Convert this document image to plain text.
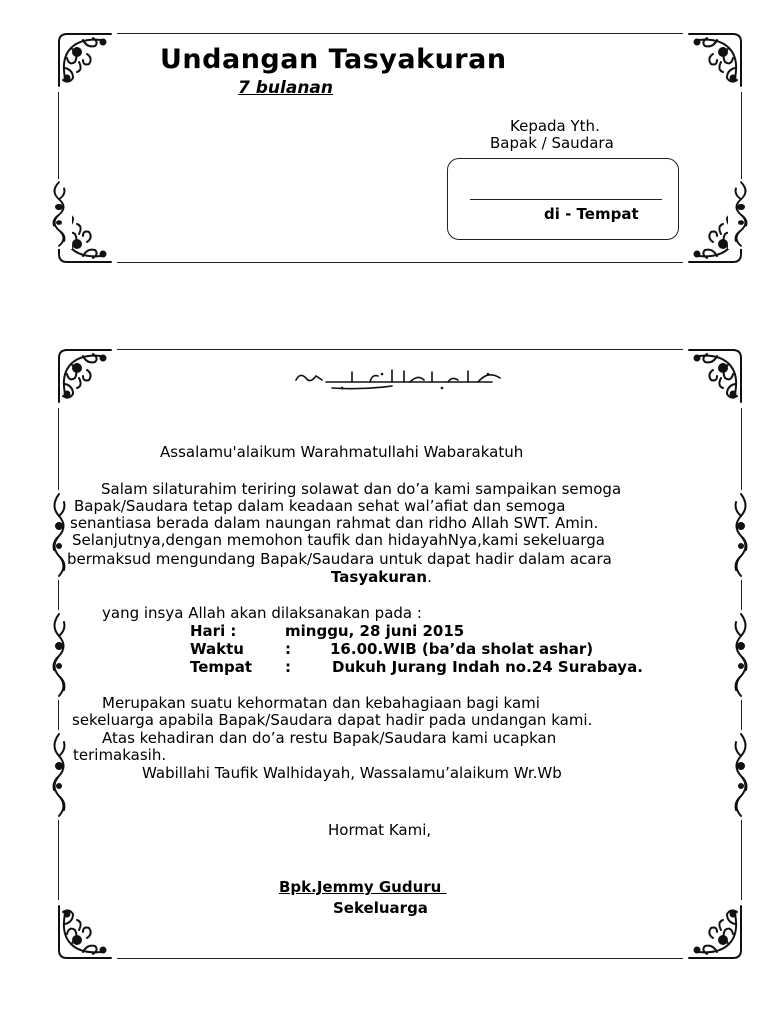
Undangan Tasyakuran
7 bulanan
Kepada Yth.
Bapak / Saudara
di - Tempat
Assalamu'alaikum Warahmatullahi Wabarakatuh
Salam silaturahim teriring solawat dan do’a kami sampaikan semoga
Bapak/Saudara tetap dalam keadaan sehat wal’afiat dan semoga
senantiasa berada dalam naungan rahmat dan ridho Allah SWT. Amin.
Selanjutnya,dengan memohon taufik dan hidayahNya,kami sekeluarga
bermaksud mengundang Bapak/Saudara untuk dapat hadir dalam acara
Tasyakuran.
yang insya Allah akan dilaksanakan pada :
Hari :	minggu, 28 juni 2015
Waktu	:	16.00.WIB (ba’da sholat ashar)
Tempat :	Dukuh Jurang Indah no.24 Surabaya.
Merupakan suatu kehormatan dan kebahagiaan bagi kami
sekeluarga apabila Bapak/Saudara dapat hadir pada undangan kami.
Atas kehadiran dan do’a restu Bapak/Saudara kami ucapkan
terimakasih.
Wabillahi Taufik Walhidayah, Wassalamu’alaikum Wr.Wb
Hormat Kami,
Bpk.Jemmy Guduru
Sekeluarga
